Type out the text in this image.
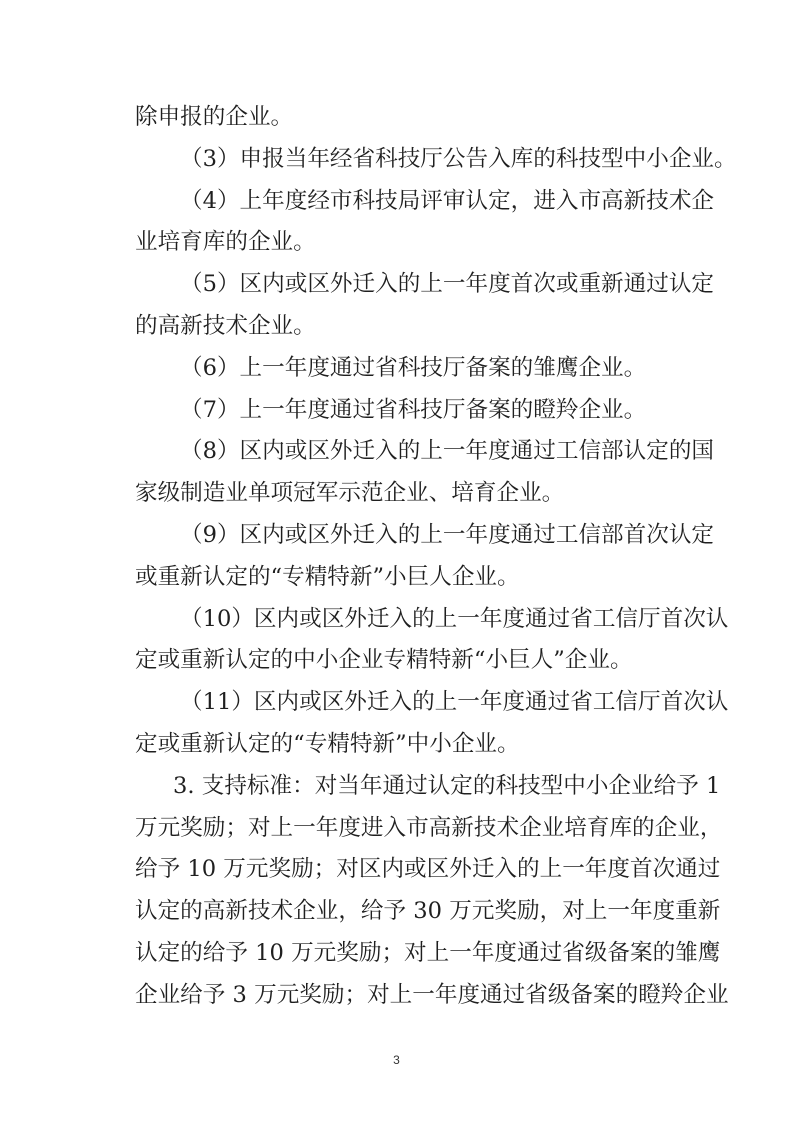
除申报的企业。
（3）申报当年经省科技厅公告入库的科技型中小企业。
（4）上年度经市科技局评审认定，进入市高新技术企
业培育库的企业。
（5）区内或区外迁入的上一年度首次或重新通过认定
的高新技术企业。
（6）上一年度通过省科技厅备案的雏鹰企业。
（7）上一年度通过省科技厅备案的瞪羚企业。
（8）区内或区外迁入的上一年度通过工信部认定的国
家级制造业单项冠军示范企业、培育企业。
（9）区内或区外迁入的上一年度通过工信部首次认定
或重新认定的“专精特新”小巨人企业。
（10）区内或区外迁入的上一年度通过省工信厅首次认
定或重新认定的中小企业专精特新“小巨人”企业。
（11）区内或区外迁入的上一年度通过省工信厅首次认
定或重新认定的“专精特新”中小企业。
3. 支持标准：对当年通过认定的科技型中小企业给予 1
万元奖励；对上一年度进入市高新技术企业培育库的企业，
给予 10 万元奖励；对区内或区外迁入的上一年度首次通过
认定的高新技术企业，给予 30 万元奖励，对上一年度重新
认定的给予 10 万元奖励；对上一年度通过省级备案的雏鹰
企业给予 3 万元奖励；对上一年度通过省级备案的瞪羚企业
3
